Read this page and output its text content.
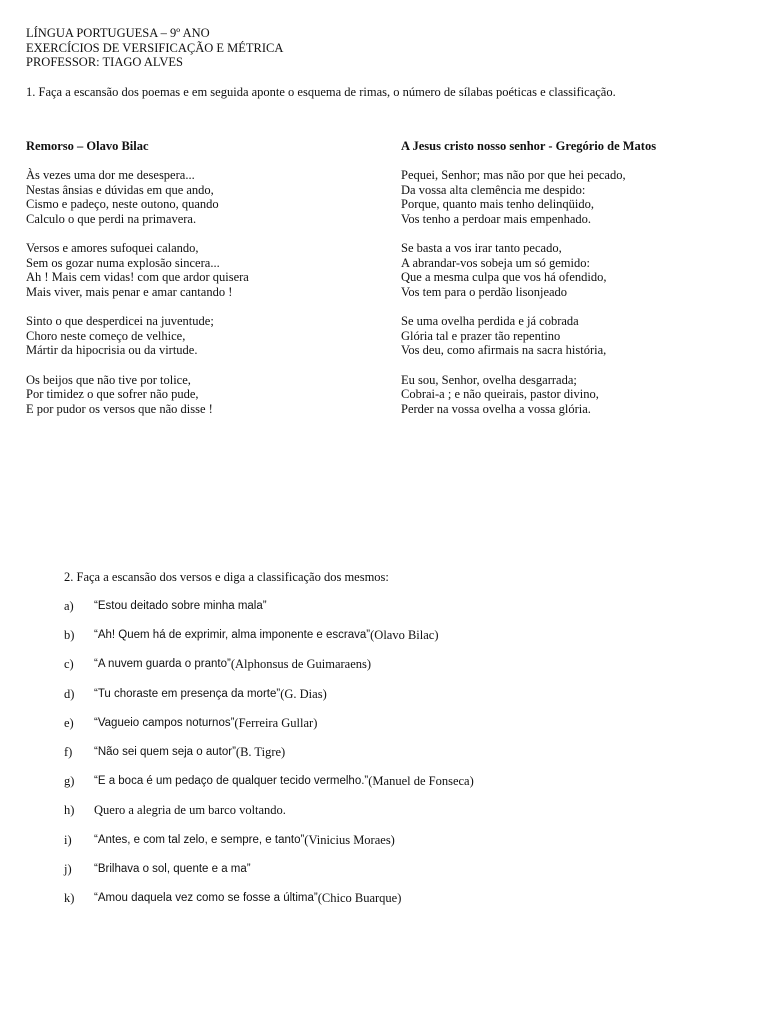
LÍNGUA PORTUGUESA – 9º ANO
EXERCÍCIOS DE VERSIFICAÇÃO E MÉTRICA
PROFESSOR: TIAGO ALVES
1. Faça a escansão dos poemas e em seguida aponte o esquema de rimas, o número de sílabas poéticas e classificação.
Remorso – Olavo Bilac
Às vezes uma dor me desespera...
Nestas ânsias e dúvidas em que ando,
Cismo e padeço, neste outono, quando
Calculo o que perdi na primavera.
Versos e amores sufoquei calando,
Sem os gozar numa explosão sincera...
Ah ! Mais cem vidas! com que ardor quisera
Mais viver, mais penar e amar cantando !
Sinto o que desperdicei na juventude;
Choro neste começo de velhice,
Mártir da hipocrisia ou da virtude.
Os beijos que não tive por tolice,
Por timidez o que sofrer não pude,
E por pudor os versos que não disse !
A Jesus cristo nosso senhor - Gregório de Matos
Pequei, Senhor; mas não por que hei pecado,
Da vossa alta clemência me despido:
Porque, quanto mais tenho delinqüido,
Vos tenho a perdoar mais empenhado.
Se basta a vos irar tanto pecado,
A abrandar-vos sobeja um só gemido:
Que a mesma culpa que vos há ofendido,
Vos tem para o perdão lisonjeado
Se uma ovelha perdida e já cobrada
Glória tal e prazer tão repentino
Vos deu, como afirmais na sacra história,
Eu sou, Senhor, ovelha desgarrada;
Cobrai-a ; e não queirais, pastor divino,
Perder na vossa ovelha a vossa glória.
2. Faça a escansão dos versos e diga a classificação dos mesmos:
a)	“Estou deitado sobre minha mala”
b)	“Ah! Quem há de exprimir, alma imponente e escrava” (Olavo Bilac)
c)	“A nuvem guarda o pranto” (Alphonsus de Guimaraens)
d)	“Tu choraste em presença da morte” (G. Dias)
e)	“Vagueio campos noturnos” (Ferreira Gullar)
f)	“Não sei quem seja o autor” (B. Tigre)
g)	“E a boca é um pedaço de qualquer tecido vermelho.” (Manuel de Fonseca)
h)	Quero a alegria de um barco voltando.
i)	“Antes, e com tal zelo, e sempre, e tanto” (Vinicius Moraes)
j)	“Brilhava o sol, quente e a ma”
k)	“Amou daquela vez como se fosse a última” (Chico Buarque)
